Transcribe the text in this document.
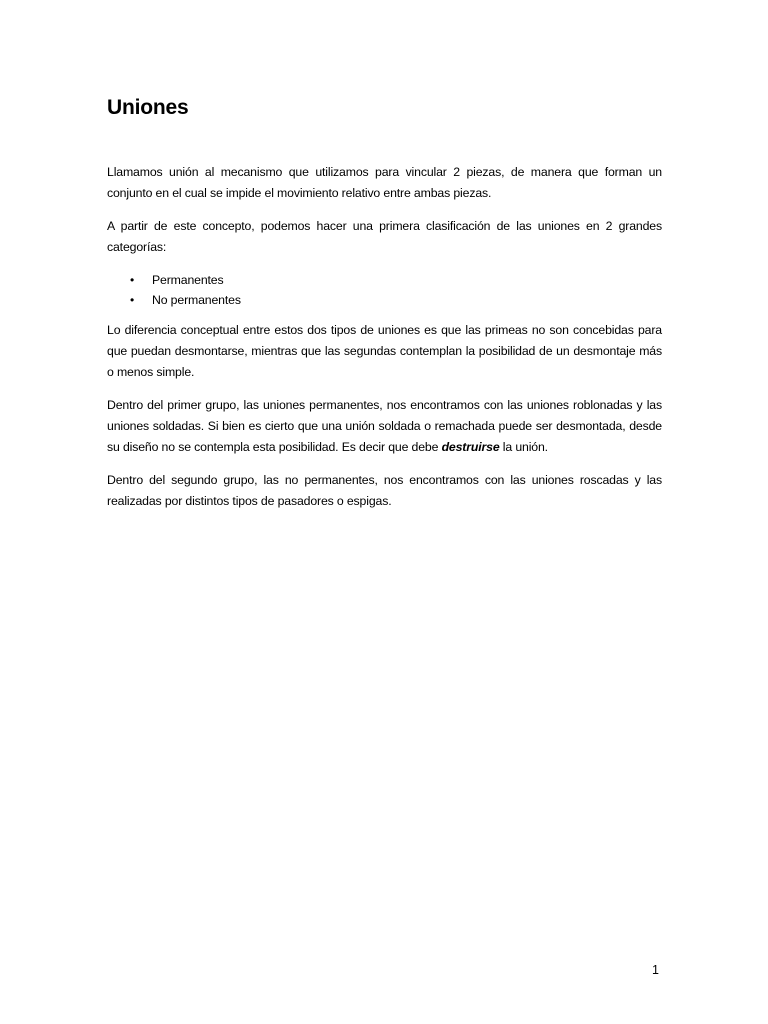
Uniones

Llamamos unión al mecanismo que utilizamos para vincular 2 piezas, de manera que forman un conjunto en el cual se impide el movimiento relativo entre ambas piezas.

A partir de este concepto, podemos hacer una primera clasificación de las uniones en 2 grandes categorías:

• Permanentes
• No permanentes

Lo diferencia conceptual entre estos dos tipos de uniones es que las primeas no son concebidas para que puedan desmontarse, mientras que las segundas contemplan la posibilidad de un desmontaje más o menos simple.

Dentro del primer grupo, las uniones permanentes, nos encontramos con las uniones roblonadas y las uniones soldadas. Si bien es cierto que una unión soldada o remachada puede ser desmontada, desde su diseño no se contempla esta posibilidad. Es decir que debe destruirse la unión.

Dentro del segundo grupo, las no permanentes, nos encontramos con las uniones roscadas y las realizadas por distintos tipos de pasadores o espigas.

1
